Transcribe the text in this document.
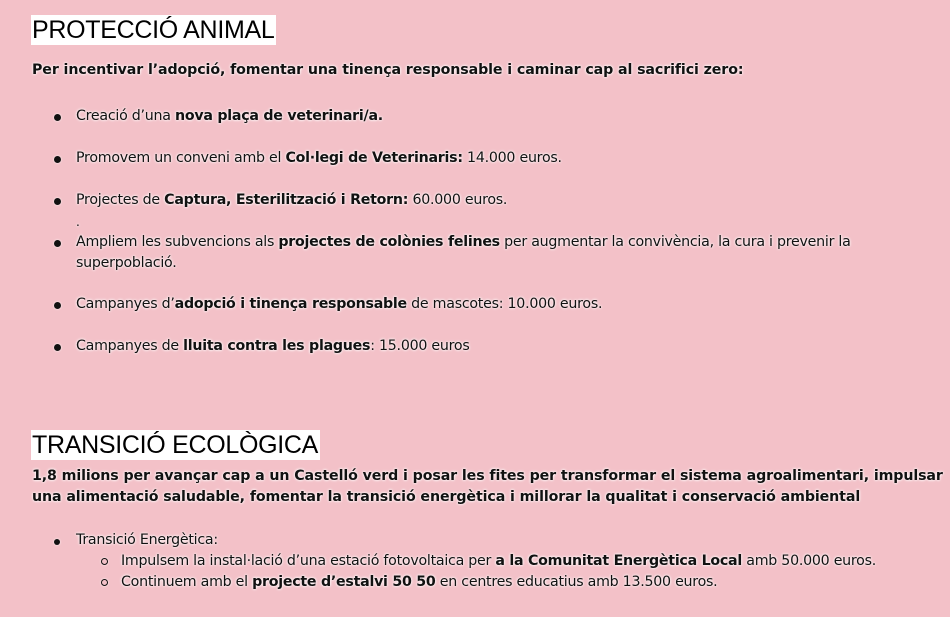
PROTECCIÓ ANIMAL

Per incentivar l’adopció, fomentar una tinença responsable i caminar cap al sacrifici zero:

Creació d’una nova plaça de veterinari/a.
Promovem un conveni amb el Col·legi de Veterinaris: 14.000 euros.
Projectes de Captura, Esterilització i Retorn: 60.000 euros.
Ampliem les subvencions als projectes de colònies felines per augmentar la convivència, la cura i prevenir la superpoblació.
Campanyes d’adopció i tinença responsable de mascotes: 10.000 euros.
Campanyes de lluita contra les plagues: 15.000 euros
.
TRANSICIÓ ECOLÒGICA

1,8 milions per avançar cap a un Castelló verd i posar les fites per transformar el sistema agroalimentari, impulsar
una alimentació saludable, fomentar la transició energètica i millorar la qualitat i conservació ambiental

Transició Energètica:
Impulsem la instal·lació d’una estació fotovoltaica per a la Comunitat Energètica Local amb 50.000 euros.
Continuem amb el projecte d’estalvi 50 50 en centres educatius amb 13.500 euros.
